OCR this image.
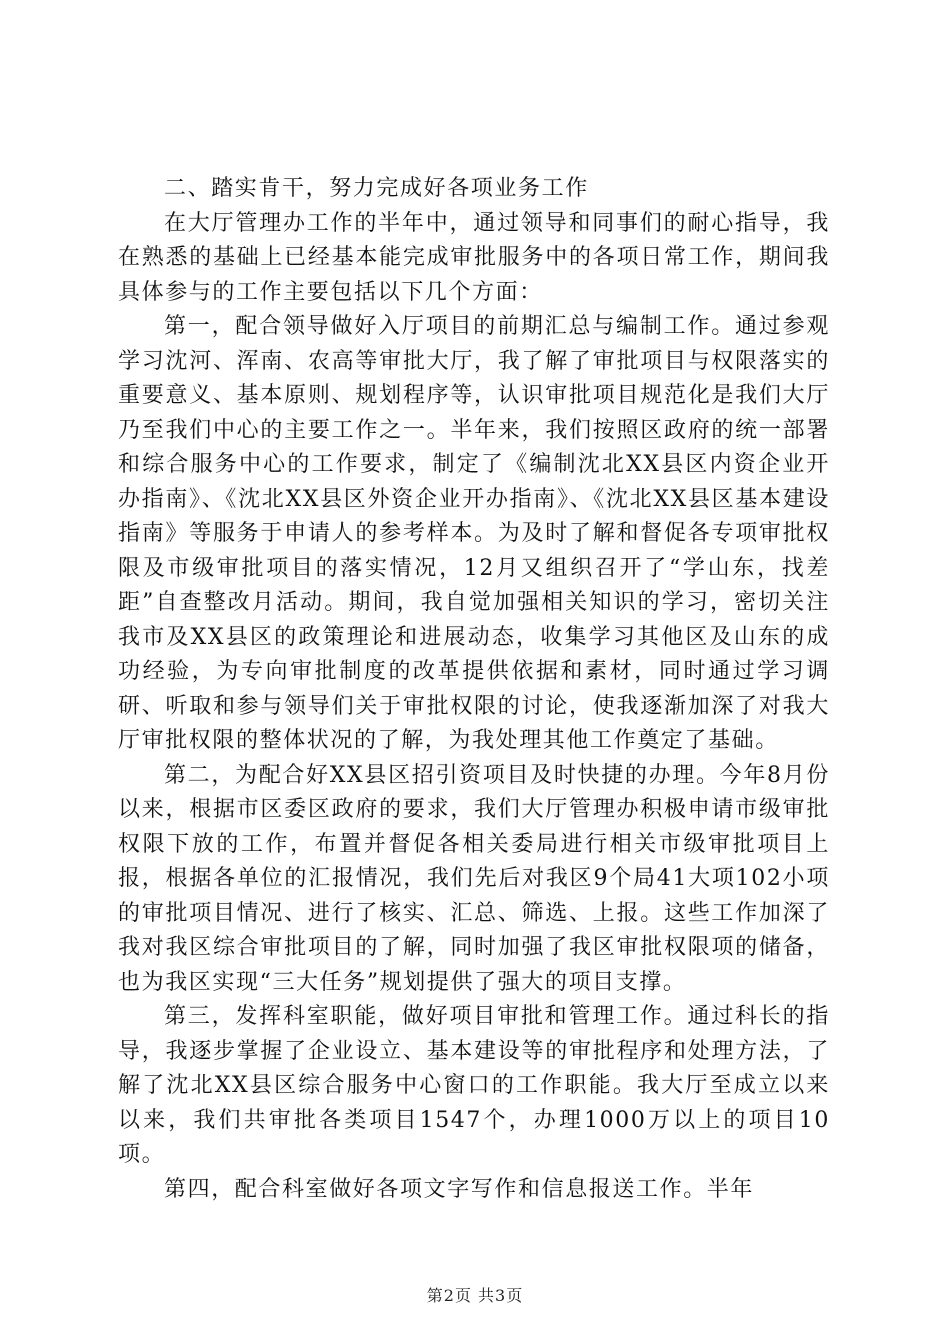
二、踏实肯干，努力完成好各项业务工作

在大厅管理办工作的半年中，通过领导和同事们的耐心指导，我在熟悉的基础上已经基本能完成审批服务中的各项日常工作，期间我具体参与的工作主要包括以下几个方面：

第一，配合领导做好入厅项目的前期汇总与编制工作。通过参观学习沈河、浑南、农高等审批大厅，我了解了审批项目与权限落实的重要意义、基本原则、规划程序等，认识审批项目规范化是我们大厅乃至我们中心的主要工作之一。半年来，我们按照区政府的统一部署和综合服务中心的工作要求，制定了《编制沈北XX县区内资企业开办指南》、《沈北XX县区外资企业开办指南》、《沈北XX县区基本建设指南》等服务于申请人的参考样本。为及时了解和督促各专项审批权限及市级审批项目的落实情况，12月又组织召开了“学山东，找差距”自查整改月活动。期间，我自觉加强相关知识的学习，密切关注我市及XX县区的政策理论和进展动态，收集学习其他区及山东的成功经验，为专向审批制度的改革提供依据和素材，同时通过学习调研、听取和参与领导们关于审批权限的讨论，使我逐渐加深了对我大厅审批权限的整体状况的了解，为我处理其他工作奠定了基础。

第二，为配合好XX县区招引资项目及时快捷的办理。今年8月份以来，根据市区委区政府的要求，我们大厅管理办积极申请市级审批权限下放的工作，布置并督促各相关委局进行相关市级审批项目上报，根据各单位的汇报情况，我们先后对我区9个局41大项102小项的审批项目情况、进行了核实、汇总、筛选、上报。这些工作加深了我对我区综合审批项目的了解，同时加强了我区审批权限项的储备，也为我区实现“三大任务”规划提供了强大的项目支撑。

第三，发挥科室职能，做好项目审批和管理工作。通过科长的指导，我逐步掌握了企业设立、基本建设等的审批程序和处理方法，了解了沈北XX县区综合服务中心窗口的工作职能。我大厅至成立以来以来，我们共审批各类项目1547个，办理1000万以上的项目10项。

第四，配合科室做好各项文字写作和信息报送工作。半年

第2页 共3页
